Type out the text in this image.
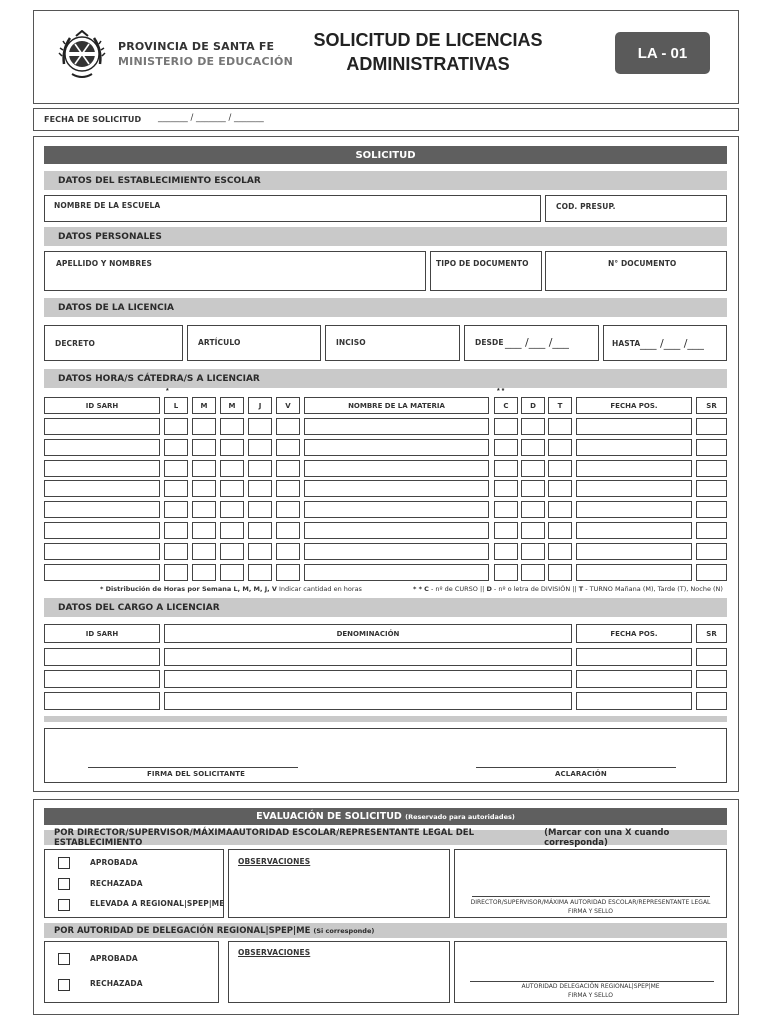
PROVINCIA DE SANTA FE
MINISTERIO DE EDUCACIÓN
SOLICITUD DE LICENCIAS
ADMINISTRATIVAS
LA - 01
FECHA DE SOLICITUD _______ / _______ / _______
SOLICITUD
DATOS DEL ESTABLECIMIENTO ESCOLAR
NOMBRE DE LA ESCUELA	COD. PRESUP.
DATOS PERSONALES
APELLIDO Y NOMBRES	TIPO DE DOCUMENTO	N° DOCUMENTO
DATOS DE LA LICENCIA
DECRETO	ARTÍCULO	INCISO	DESDE ___ /___ /___	HASTA ___ /___ /___
DATOS HORA/S CÁTEDRA/S A LICENCIAR
*	* *
ID SARH	L	M	M	J	V	NOMBRE DE LA MATERIA	C	D	T	FECHA POS.	SR
* Distribución de Horas por Semana L, M, M, J, V Indicar cantidad en horas	* * C - nº de CURSO || D - nº o letra de DIVISIÓN || T - TURNO Mañana (M), Tarde (T), Noche (N)
DATOS DEL CARGO A LICENCIAR
ID SARH	DENOMINACIÓN	FECHA POS.	SR
FIRMA DEL SOLICITANTE	ACLARACIÓN
EVALUACIÓN DE SOLICITUD
(Reservado para autoridades)
POR DIRECTOR/SUPERVISOR/MÁXIMAAUTORIDAD ESCOLAR/REPRESENTANTE LEGAL DEL ESTABLECIMIENTO

(Marcar con una X cuando corresponda)
APROBADA
RECHAZADA
ELEVADA A REGIONAL|SPEP|ME
OBSERVACIONES
DIRECTOR/SUPERVISOR/MÁXIMA AUTORIDAD ESCOLAR/REPRESENTANTE LEGAL
FIRMA Y SELLO
POR AUTORIDAD DE DELEGACIÓN REGIONAL|SPEP|ME
(Si corresponde)
APROBADA
RECHAZADA
OBSERVACIONES
AUTORIDAD DELEGACIÓN REGIONAL|SPEP|ME
FIRMA Y SELLO
